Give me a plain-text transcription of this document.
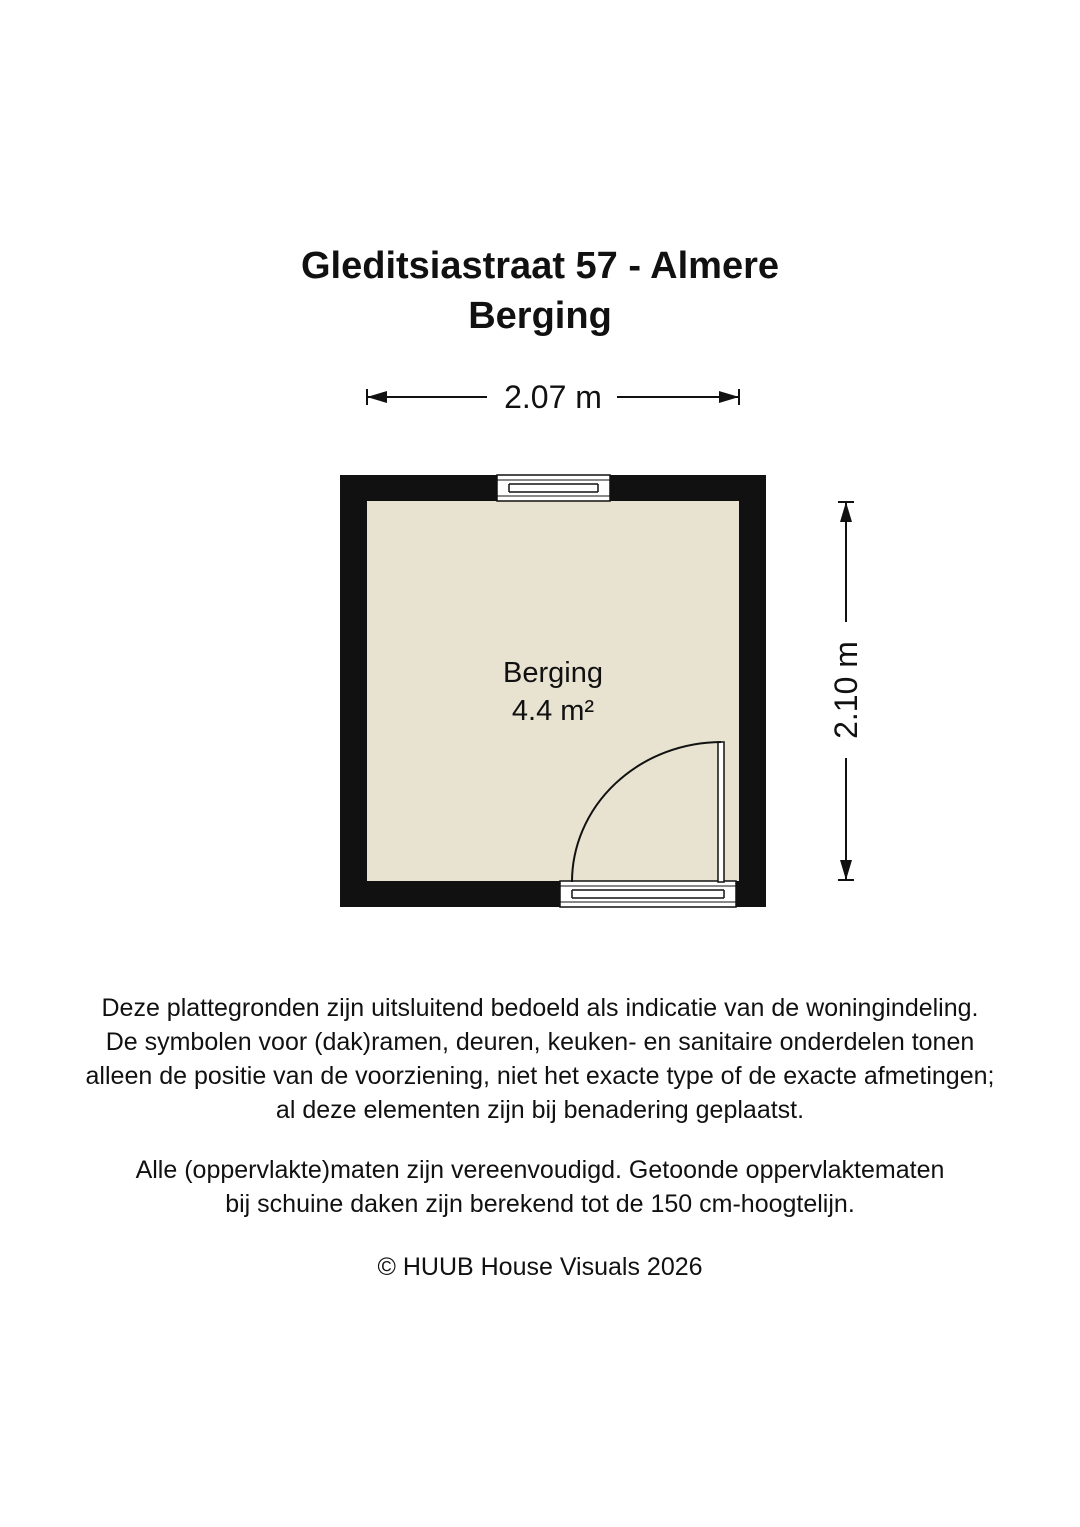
Gleditsiastraat 57 - Almere
Berging
2.07 m
2.10 m
Berging
4.4 m²

Deze plattegronden zijn uitsluitend bedoeld als indicatie van de woningindeling.

De symbolen voor (dak)ramen, deuren, keuken- en sanitaire onderdelen tonen

alleen de positie van de voorziening, niet het exacte type of de exacte afmetingen;

al deze elementen zijn bij benadering geplaatst.

Alle (oppervlakte)maten zijn vereenvoudigd. Getoonde oppervlaktematen

bij schuine daken zijn berekend tot de 150 cm-hoogtelijn.

© HUUB House Visuals 2026
